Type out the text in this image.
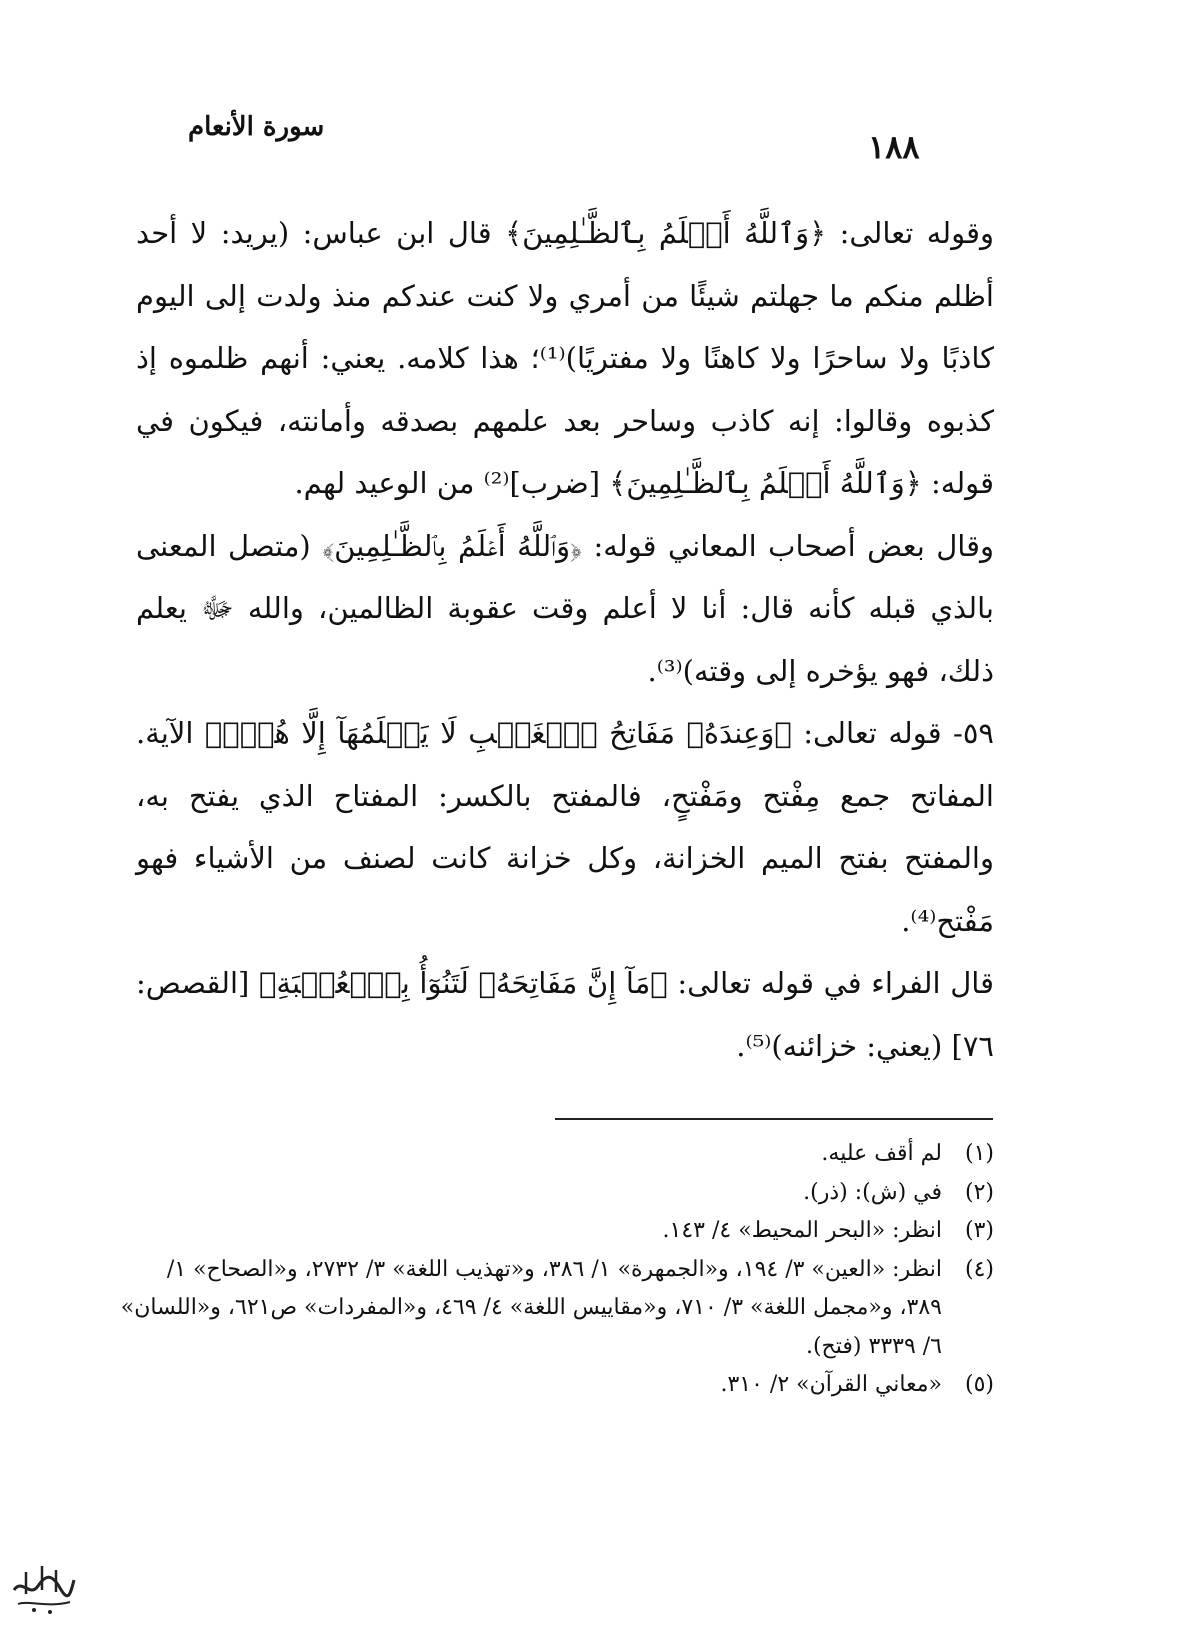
سورة الأنعام
١٨٨

وقوله تعالى: ﴿وَٱللَّهُ أَعۡلَمُ بِٱلظَّـٰلِمِينَ﴾ قال ابن عباس: (يريد: لا أحد أظلم منكم ما جهلتم شيئًا من أمري ولا كنت عندكم منذ ولدت إلى اليوم كاذبًا ولا ساحرًا ولا كاهنًا ولا مفتريًا)⁽¹⁾؛ هذا كلامه. يعني: أنهم ظلموه إذ كذبوه وقالوا: إنه كاذب وساحر بعد علمهم بصدقه وأمانته، فيكون في قوله: ﴿وَٱللَّهُ أَعۡلَمُ بِٱلظَّـٰلِمِينَ﴾ [ضرب]⁽²⁾ من الوعيد لهم.

وقال بعض أصحاب المعاني قوله: ﴿وَٱللَّهُ أَعۡلَمُ بِٱلظَّـٰلِمِينَ﴾ (متصل المعنى بالذي قبله كأنه قال: أنا لا أعلم وقت عقوبة الظالمين، والله ﷻ يعلم ذلك، فهو يؤخره إلى وقته)⁽³⁾.

٥٩- قوله تعالى: ﴿وَعِندَهُۥ مَفَاتِحُ ٱلۡغَيۡبِ لَا يَعۡلَمُهَآ إِلَّا هُوَۚ﴾ الآية. المفاتح جمع مِفْتح ومَفْتحٍ، فالمفتح بالكسر: المفتاح الذي يفتح به، والمفتح بفتح الميم الخزانة، وكل خزانة كانت لصنف من الأشياء فهو مَفْتح⁽⁴⁾.

قال الفراء في قوله تعالى: ﴿مَآ إِنَّ مَفَاتِحَهُۥ لَتَنُوٓأُ بِٱلۡعُصۡبَةِ﴾ [القصص: ٧٦] (يعني: خزائنه)⁽⁵⁾.

(١)
لم أقف عليه.
(٢)
في (ش): (ذر).
(٣)
انظر: «البحر المحيط» ٤/ ١٤٣.
(٤)
انظر: «العين» ٣/ ١٩٤، و«الجمهرة» ١/ ٣٨٦، و«تهذيب اللغة» ٣/ ٢٧٣٢، و«الصحاح» ١/ ٣٨٩، و«مجمل اللغة» ٣/ ٧١٠، و«مقاييس اللغة» ٤/ ٤٦٩، و«المفردات» ص٦٢١، و«اللسان» ٦/ ٣٣٣٩ (فتح).
(٥)
«معاني القرآن» ٢/ ٣١٠.
